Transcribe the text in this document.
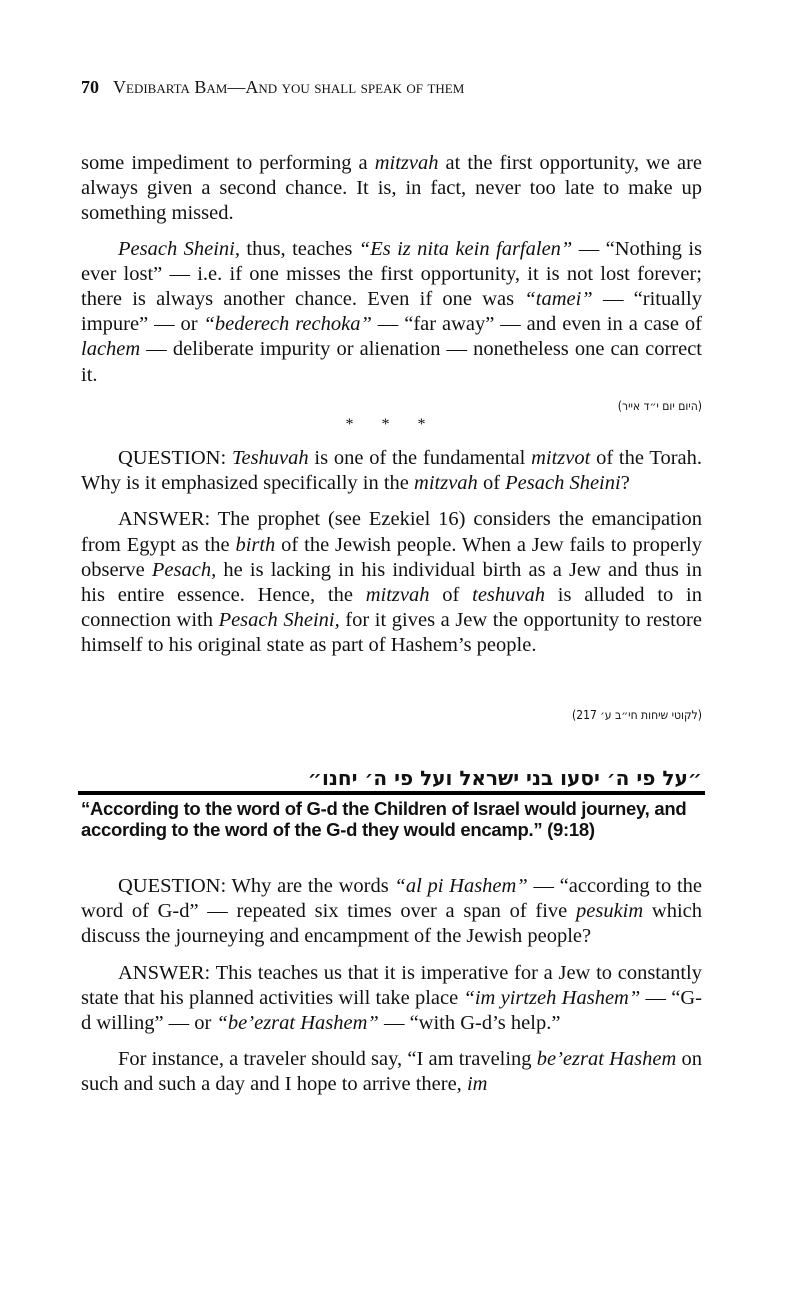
70 Vedibarta Bam—And you shall speak of them

some impediment to performing a mitzvah at the first opportunity, we are always given a second chance. It is, in fact, never too late to make up something missed.

Pesach Sheini, thus, teaches “Es iz nita kein farfalen” — “Nothing is ever lost” — i.e. if one misses the first opportunity, it is not lost forever; there is always another chance. Even if one was “tamei” — “ritually impure” — or “bederech rechoka” — “far away” — and even in a case of lachem — deliberate impurity or alienation — nonetheless one can correct it.

(היום יום י״ד אייר)
* * *

QUESTION: Teshuvah is one of the fundamental mitzvot of the Torah. Why is it emphasized specifically in the mitzvah of Pesach Sheini?

ANSWER: The prophet (see Ezekiel 16) considers the emancipation from Egypt as the birth of the Jewish people. When a Jew fails to properly observe Pesach, he is lacking in his individual birth as a Jew and thus in his entire essence. Hence, the mitzvah of teshuvah is alluded to in connection with Pesach Sheini, for it gives a Jew the opportunity to restore himself to his original state as part of Hashem’s people.

(לקוטי שיחות חי״ב ע׳ 217)
״על פי ה׳ יסעו בני ישראל ועל פי ה׳ יחנו״
“According to the word of G-d the Children of Israel would journey, and according to the word of the G-d they would encamp.” (9:18)

QUESTION: Why are the words “al pi Hashem” — “according to the word of G-d” — repeated six times over a span of five pesukim which discuss the journeying and encampment of the Jewish people?

ANSWER: This teaches us that it is imperative for a Jew to constantly state that his planned activities will take place “im yirtzeh Hashem” — “G-d willing” — or “be’ezrat Hashem” — “with G-d’s help.”

For instance, a traveler should say, “I am traveling be’ezrat Hashem on such and such a day and I hope to arrive there, im
